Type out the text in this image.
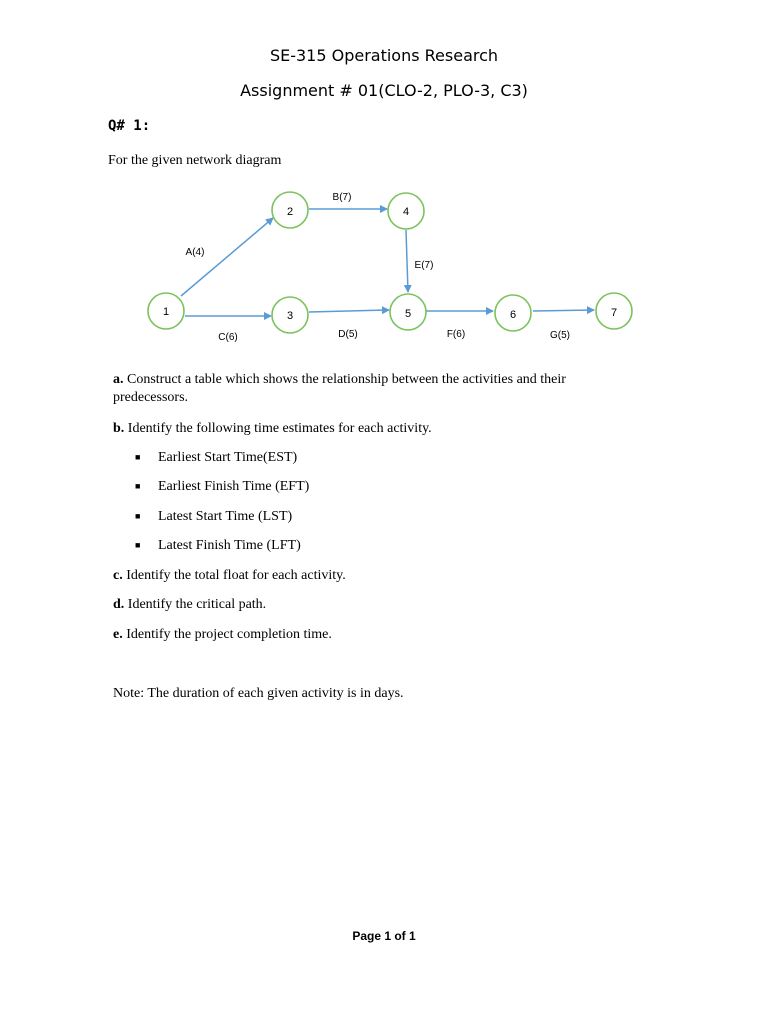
SE-315 Operations Research
Assignment # 01(CLO-2, PLO-3, C3)
Q# 1:
For the given network diagram
1
2
3
4
5	6	7
A(4)
B(7)
C(6)	D(5)
E(7)
F(6)	G(5)
a. Construct a table which shows the relationship between the activities and their
predecessors.
b. Identify the following time estimates for each activity.
■ Earliest Start Time(EST)
■ Earliest Finish Time (EFT)
■ Latest Start Time (LST)
■ Latest Finish Time (LFT)
c. Identify the total float for each activity.
d. Identify the critical path.
e. Identify the project completion time.
Note: The duration of each given activity is in days.
Page 1 of 1
